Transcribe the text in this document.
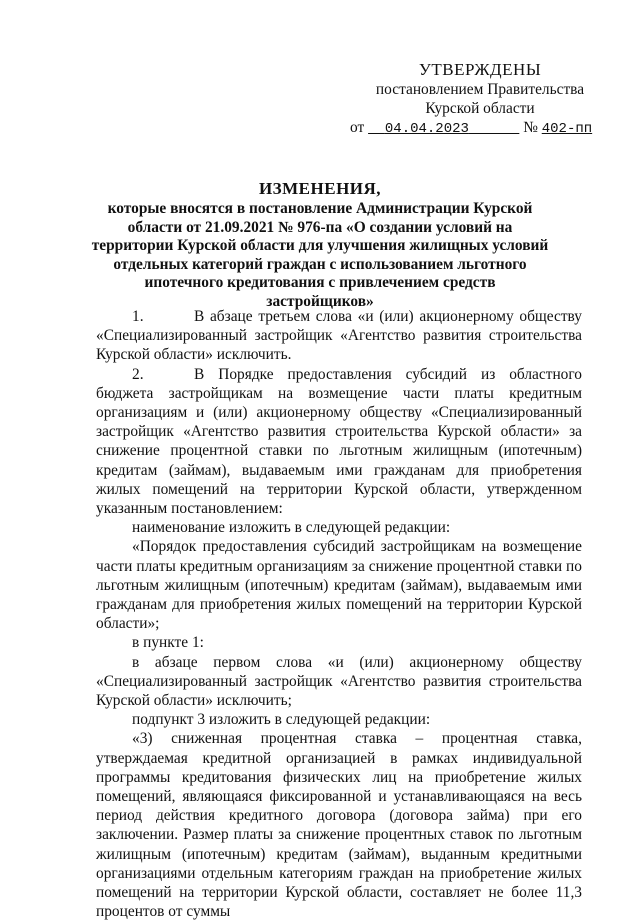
УТВЕРЖДЕНЫ
постановлением Правительства
Курской области
от 04.04.2023	№ 402-пп
ИЗМЕНЕНИЯ,
которые вносятся в постановление Администрации Курской области от 21.09.2021 № 976-па «О создании условий на территории Курской области для улучшения жилищных условий отдельных категорий граждан с использованием льготного ипотечного кредитования с привлечением средств застройщиков»

1.	В абзаце третьем слова «и (или) акционерному обществу «Специализированный застройщик «Агентство развития строительства Курской области» исключить.

2.	В Порядке предоставления субсидий из областного бюджета застройщикам на возмещение части платы кредитным организациям и (или) акционерному обществу «Специализированный застройщик «Агентство развития строительства Курской области» за снижение процентной ставки по льготным жилищным (ипотечным) кредитам (займам), выдаваемым ими гражданам для приобретения жилых помещений на территории Курской области, утвержденном указанным постановлением:

наименование изложить в следующей редакции:

«Порядок предоставления субсидий застройщикам на возмещение части платы кредитным организациям за снижение процентной ставки по льготным жилищным (ипотечным) кредитам (займам), выдаваемым ими гражданам для приобретения жилых помещений на территории Курской области»;

в пункте 1:

в абзаце первом слова «и (или) акционерному обществу «Специализированный застройщик «Агентство развития строительства Курской области» исключить;

подпункт 3 изложить в следующей редакции:

«3) сниженная процентная ставка – процентная ставка, утверждаемая кредитной организацией в рамках индивидуальной программы кредитования физических лиц на приобретение жилых помещений, являющаяся фиксированной и устанавливающаяся на весь период действия кредитного договора (договора займа) при его заключении. Размер платы за снижение процентных ставок по льготным жилищным (ипотечным) кредитам (займам), выданным кредитными организациями отдельным категориям граждан на приобретение жилых помещений на территории Курской области, составляет не более 11,3 процентов от суммы
